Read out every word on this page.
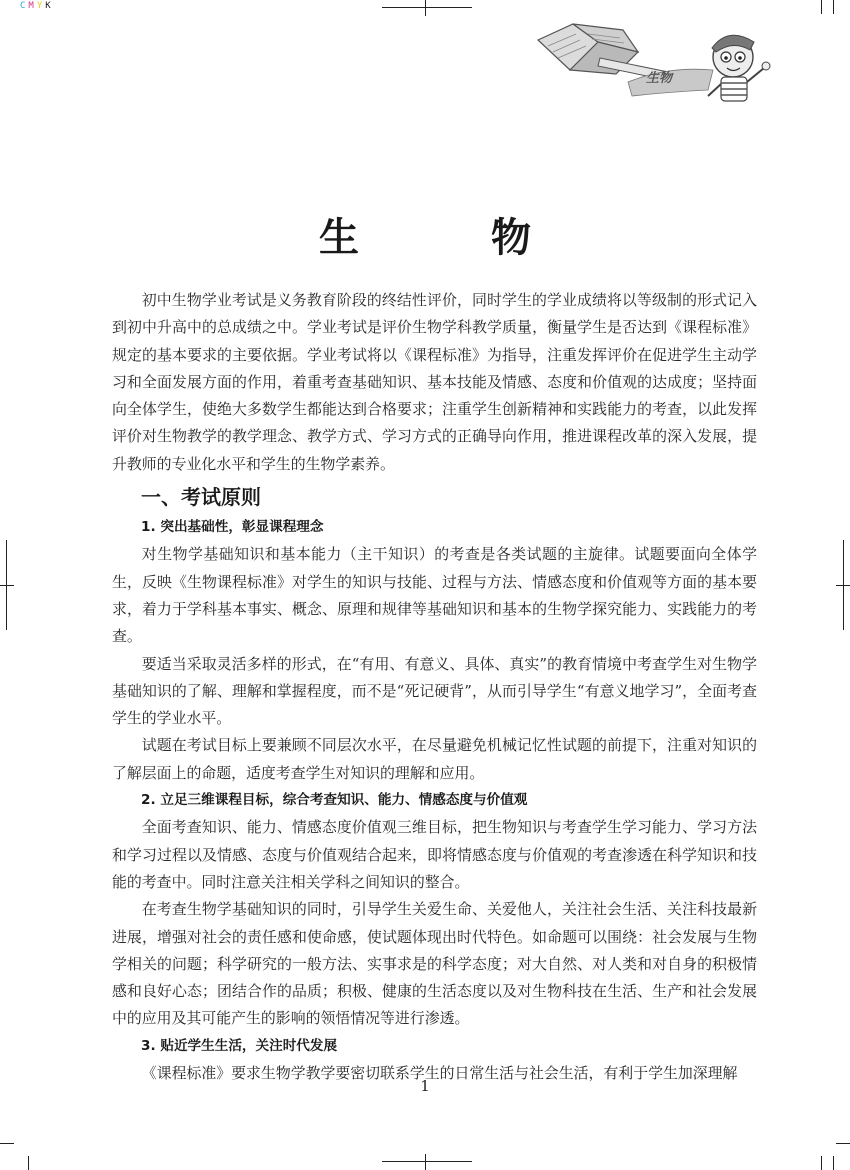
C M Y K
生物
生　物

初中生物学业考试是义务教育阶段的终结性评价，同时学生的学业成绩将以等级制的形式记入到初中升高中的总成绩之中。学业考试是评价生物学科教学质量，衡量学生是否达到《课程标准》规定的基本要求的主要依据。学业考试将以《课程标准》为指导，注重发挥评价在促进学生主动学习和全面发展方面的作用，着重考查基础知识、基本技能及情感、态度和价值观的达成度；坚持面向全体学生，使绝大多数学生都能达到合格要求；注重学生创新精神和实践能力的考查，以此发挥评价对生物教学的教学理念、教学方式、学习方式的正确导向作用，推进课程改革的深入发展，提升教师的专业化水平和学生的生物学素养。

一、考试原则
1. 突出基础性，彰显课程理念

对生物学基础知识和基本能力（主干知识）的考查是各类试题的主旋律。试题要面向全体学生，反映《生物课程标准》对学生的知识与技能、过程与方法、情感态度和价值观等方面的基本要求，着力于学科基本事实、概念、原理和规律等基础知识和基本的生物学探究能力、实践能力的考查。

要适当采取灵活多样的形式，在“有用、有意义、具体、真实”的教育情境中考查学生对生物学基础知识的了解、理解和掌握程度，而不是“死记硬背”，从而引导学生“有意义地学习”，全面考查学生的学业水平。

试题在考试目标上要兼顾不同层次水平，在尽量避免机械记忆性试题的前提下，注重对知识的了解层面上的命题，适度考查学生对知识的理解和应用。

2. 立足三维课程目标，综合考查知识、能力、情感态度与价值观

全面考查知识、能力、情感态度价值观三维目标，把生物知识与考查学生学习能力、学习方法和学习过程以及情感、态度与价值观结合起来，即将情感态度与价值观的考查渗透在科学知识和技能的考查中。同时注意关注相关学科之间知识的整合。

在考查生物学基础知识的同时，引导学生关爱生命、关爱他人，关注社会生活、关注科技最新进展，增强对社会的责任感和使命感，使试题体现出时代特色。如命题可以围绕：社会发展与生物学相关的问题；科学研究的一般方法、实事求是的科学态度；对大自然、对人类和对自身的积极情感和良好心态；团结合作的品质；积极、健康的生活态度以及对生物科技在生活、生产和社会发展中的应用及其可能产生的影响的领悟情况等进行渗透。

3. 贴近学生生活，关注时代发展

《课程标准》要求生物学教学要密切联系学生的日常生活与社会生活，有利于学生加深理解

1
